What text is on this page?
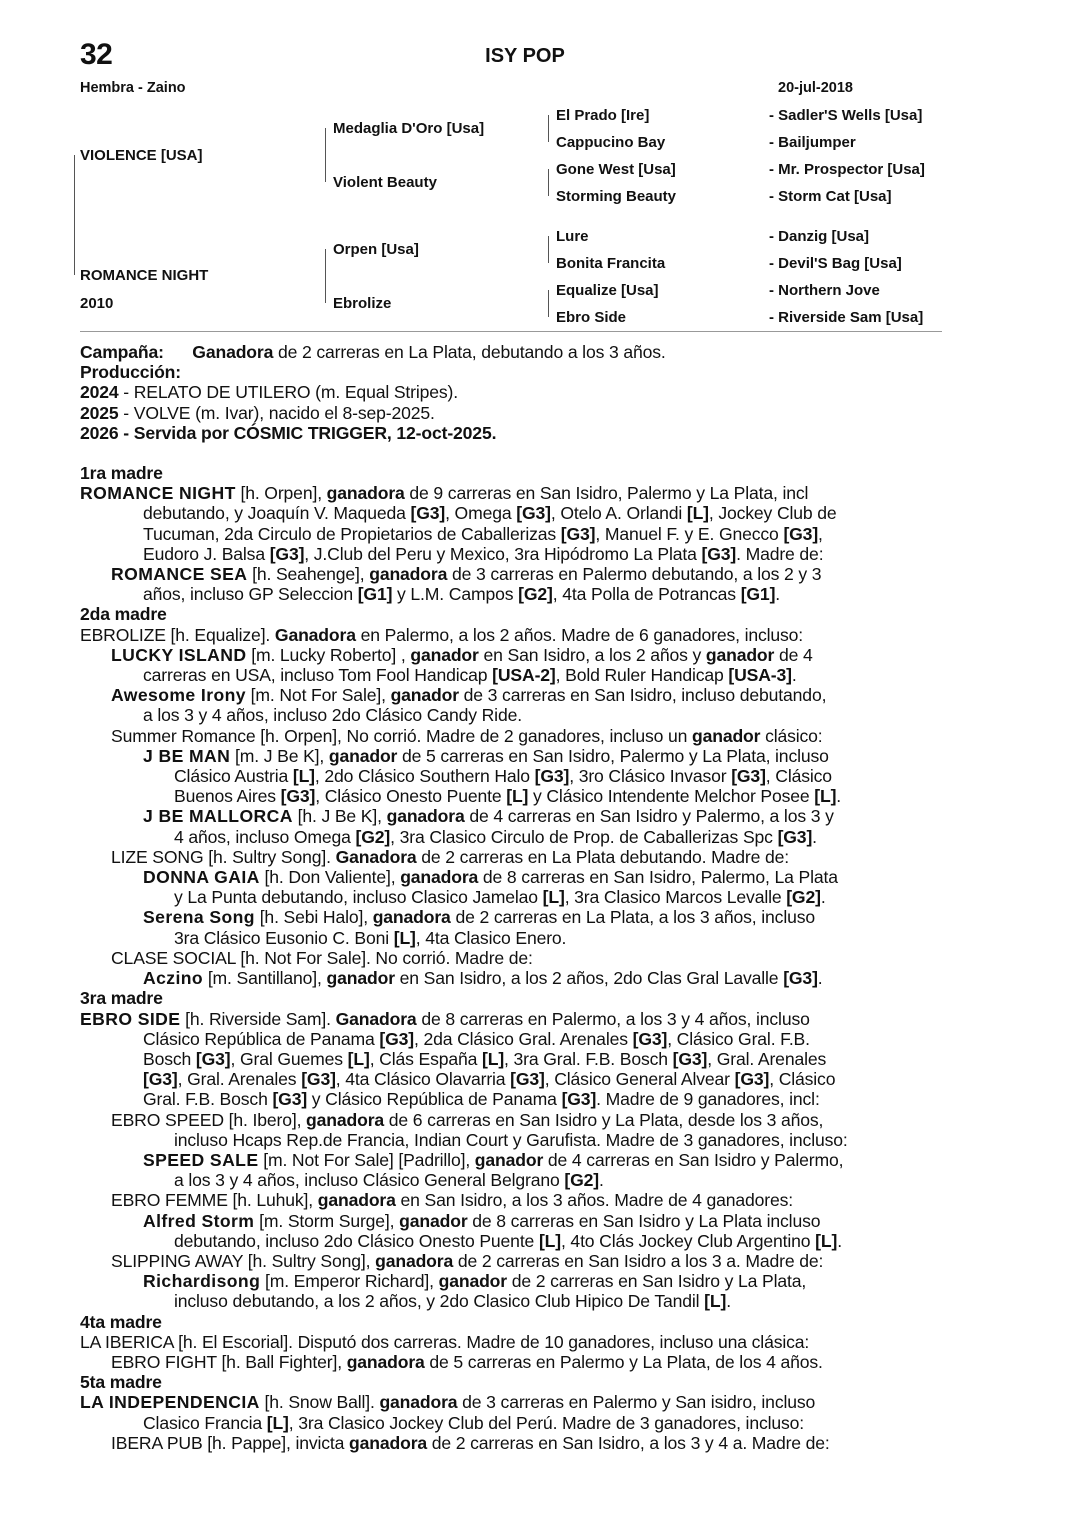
32	ISY POP
Hembra - Zaino	20-jul-2018
VIOLENCE [USA]
ROMANCE NIGHT
2010
Medaglia D'Oro [Usa]
Violent Beauty
Orpen [Usa]
Ebrolize
El Prado [Ire]
Cappucino Bay
Gone West [Usa]
Storming Beauty
Lure
Bonita Francita
Equalize [Usa]
Ebro Side
- Sadler'S Wells [Usa]
- Bailjumper
- Mr. Prospector [Usa]
- Storm Cat [Usa]
- Danzig [Usa]
- Devil'S Bag [Usa]
- Northern Jove
- Riverside Sam [Usa]
Campaña: Ganadora de 2 carreras en La Plata, debutando a los 3 años.
Producción:
2024 - RELATO DE UTILERO (m. Equal Stripes).
2025 - VOLVE (m. Ivar), nacido el 8-sep-2025.
2026 - Servida por CÓSMIC TRIGGER, 12-oct-2025.
1ra madre
ROMANCE NIGHT [h. Orpen], ganadora de 9 carreras en San Isidro, Palermo y La Plata, incl
debutando, y Joaquín V. Maqueda [G3], Omega [G3], Otelo A. Orlandi [L], Jockey Club de
Tucuman, 2da Circulo de Propietarios de Caballerizas [G3], Manuel F. y E. Gnecco [G3],
Eudoro J. Balsa [G3], J.Club del Peru y Mexico, 3ra Hipódromo La Plata [G3]. Madre de:
ROMANCE SEA [h. Seahenge], ganadora de 3 carreras en Palermo debutando, a los 2 y 3
años, incluso GP Seleccion [G1] y L.M. Campos [G2], 4ta Polla de Potrancas [G1].
2da madre
EBROLIZE [h. Equalize]. Ganadora en Palermo, a los 2 años. Madre de 6 ganadores, incluso:
LUCKY ISLAND [m. Lucky Roberto] , ganador en San Isidro, a los 2 años y ganador de 4
carreras en USA, incluso Tom Fool Handicap [USA-2], Bold Ruler Handicap [USA-3].
Awesome Irony [m. Not For Sale], ganador de 3 carreras en San Isidro, incluso debutando,
a los 3 y 4 años, incluso 2do Clásico Candy Ride.
Summer Romance [h. Orpen], No corrió. Madre de 2 ganadores, incluso un ganador clásico:
J BE MAN [m. J Be K], ganador de 5 carreras en San Isidro, Palermo y La Plata, incluso
Clásico Austria [L], 2do Clásico Southern Halo [G3], 3ro Clásico Invasor [G3], Clásico
Buenos Aires [G3], Clásico Onesto Puente [L] y Clásico Intendente Melchor Posee [L].
J BE MALLORCA [h. J Be K], ganadora de 4 carreras en San Isidro y Palermo, a los 3 y
4 años, incluso Omega [G2], 3ra Clasico Circulo de Prop. de Caballerizas Spc [G3].
LIZE SONG [h. Sultry Song]. Ganadora de 2 carreras en La Plata debutando. Madre de:
DONNA GAIA [h. Don Valiente], ganadora de 8 carreras en San Isidro, Palermo, La Plata
y La Punta debutando, incluso Clasico Jamelao [L], 3ra Clasico Marcos Levalle [G2].
Serena Song [h. Sebi Halo], ganadora de 2 carreras en La Plata, a los 3 años, incluso
3ra Clásico Eusonio C. Boni [L], 4ta Clasico Enero.
CLASE SOCIAL [h. Not For Sale]. No corrió. Madre de:
Aczino [m. Santillano], ganador en San Isidro, a los 2 años, 2do Clas Gral Lavalle [G3].
3ra madre
EBRO SIDE [h. Riverside Sam]. Ganadora de 8 carreras en Palermo, a los 3 y 4 años, incluso
Clásico República de Panama [G3], 2da Clásico Gral. Arenales [G3], Clásico Gral. F.B.
Bosch [G3], Gral Guemes [L], Clás España [L], 3ra Gral. F.B. Bosch [G3], Gral. Arenales
[G3], Gral. Arenales [G3], 4ta Clásico Olavarria [G3], Clásico General Alvear [G3], Clásico
Gral. F.B. Bosch [G3] y Clásico República de Panama [G3]. Madre de 9 ganadores, incl:
EBRO SPEED [h. Ibero], ganadora de 6 carreras en San Isidro y La Plata, desde los 3 años,
incluso Hcaps Rep.de Francia, Indian Court y Garufista. Madre de 3 ganadores, incluso:
SPEED SALE [m. Not For Sale] [Padrillo], ganador de 4 carreras en San Isidro y Palermo,
a los 3 y 4 años, incluso Clásico General Belgrano [G2].
EBRO FEMME [h. Luhuk], ganadora en San Isidro, a los 3 años. Madre de 4 ganadores:
Alfred Storm [m. Storm Surge], ganador de 8 carreras en San Isidro y La Plata incluso
debutando, incluso 2do Clásico Onesto Puente [L], 4to Clás Jockey Club Argentino [L].
SLIPPING AWAY [h. Sultry Song], ganadora de 2 carreras en San Isidro a los 3 a. Madre de:
Richardisong [m. Emperor Richard], ganador de 2 carreras en San Isidro y La Plata,
incluso debutando, a los 2 años, y 2do Clasico Club Hipico De Tandil [L].
4ta madre
LA IBERICA [h. El Escorial]. Disputó dos carreras. Madre de 10 ganadores, incluso una clásica:
EBRO FIGHT [h. Ball Fighter], ganadora de 5 carreras en Palermo y La Plata, de los 4 años.
5ta madre
LA INDEPENDENCIA [h. Snow Ball]. ganadora de 3 carreras en Palermo y San isidro, incluso
Clasico Francia [L], 3ra Clasico Jockey Club del Perú. Madre de 3 ganadores, incluso:
IBERA PUB [h. Pappe], invicta ganadora de 2 carreras en San Isidro, a los 3 y 4 a. Madre de:
